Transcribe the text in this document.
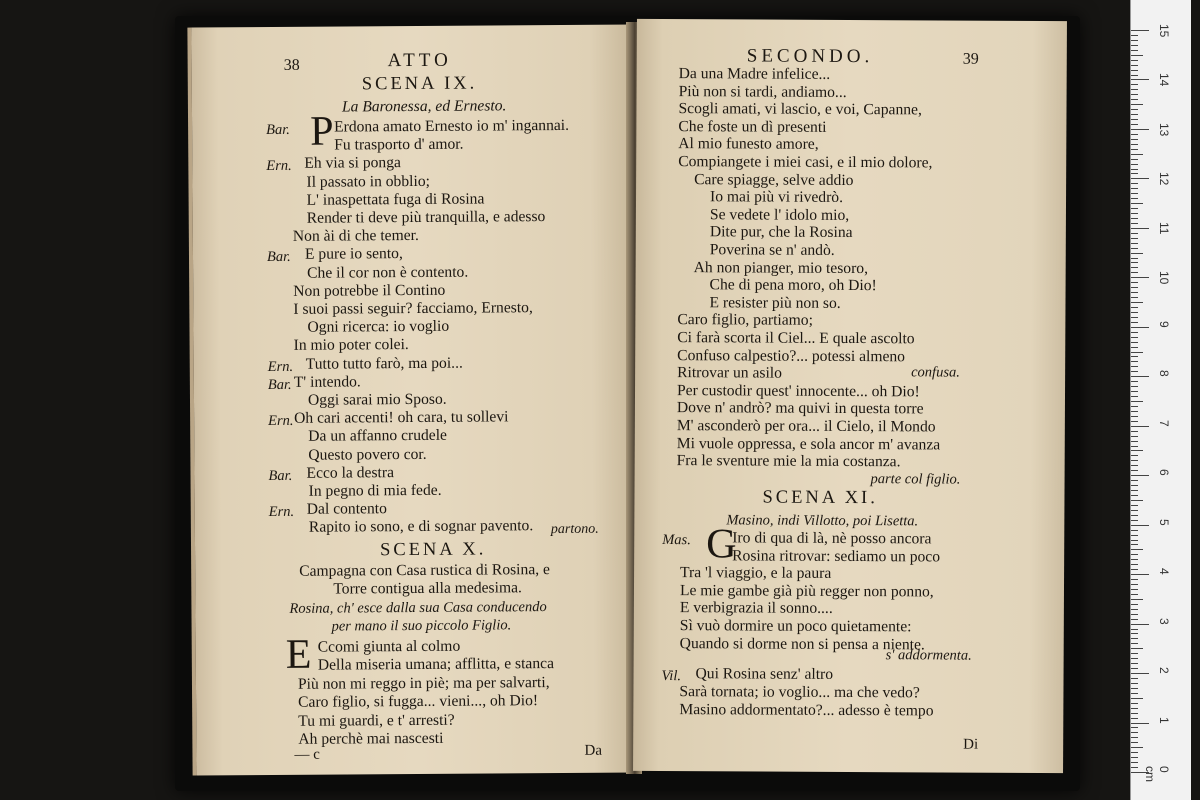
38	ATTO
SCENA IX.
La Baronessa, ed Ernesto.
P
Bar.	Erdona amato Ernesto io m' ingannai.
Fu trasporto d' amor.
Ern. Eh via si ponga
Il passato in obblio;
L' inaspettata fuga di Rosina
Render ti deve più tranquilla, e adesso
Non ài di che temer.
Bar. E pure io sento,
Che il cor non è contento.
Non potrebbe il Contino
I suoi passi seguir? facciamo, Ernesto,
Ogni ricerca: io voglio
In mio poter colei.
Ern. Tutto tutto farò, ma poi...
Bar. T' intendo.
Oggi sarai mio Sposo.
Ern. Oh cari accenti! oh cara, tu sollevi
Da un affanno crudele
Questo povero cor.
Bar. Ecco la destra
In pegno di mia fede.
Ern. Dal contento
Rapito io sono, e di sognar pavento. partono.
SCENA X.
Campagna con Casa rustica di Rosina, e
Torre contigua alla medesima.
Rosina, ch' esce dalla sua Casa conducendo
per mano il suo piccolo Figlio.
E Ccomi giunta al colmo
Della miseria umana; afflitta, e stanca
Più non mi reggo in piè; ma per salvarti,
Caro figlio, si fugga... vieni..., oh Dio!
Tu mi guardi, e t' arresti?
Ah perchè mai nascesti
— c	Da
SECONDO.	39
Da una Madre infelice...
Più non si tardi, andiamo...
Scogli amati, vi lascio, e voi, Capanne,
Che foste un dì presenti
Al mio funesto amore,
Compiangete i miei casi, e il mio dolore,
Care spiagge, selve addio
Io mai più vi rivedrò.
Se vedete l' idolo mio,
Dite pur, che la Rosina
Poverina se n' andò.
Ah non pianger, mio tesoro,
Che di pena moro, oh Dio!
E resister più non so.
Caro figlio, partiamo;
Ci farà scorta il Ciel... E quale ascolto
Confuso calpestio?... potessi almeno
Ritrovar un asilo
Per custodir quest' innocente... oh Dio!
Dove n' andrò? ma quivi in questa torre
M' asconderò per ora... il Cielo, il Mondo
Mi vuole oppressa, e sola ancor m' avanza
Fra le sventure mie la mia costanza.
confusa.
parte col figlio.
SCENA XI.
Masino, indi Villotto, poi Lisetta.
G
Mas.	Iro di qua di là, nè posso ancora
Rosina ritrovar: sediamo un poco
Tra 'l viaggio, e la paura
Le mie gambe già più regger non ponno,
E verbigrazia il sonno....
Sì vuò dormire un poco quietamente:
Quando si dorme non si pensa a niente.
s' addormenta.
Vil. Qui Rosina senz' altro
Sarà tornata; io voglio... ma che vedo?
Masino addormentato?... adesso è tempo
Di
15
14
13
12
11
10
9
8
7
6
5
4
3
2
1
0 cm
